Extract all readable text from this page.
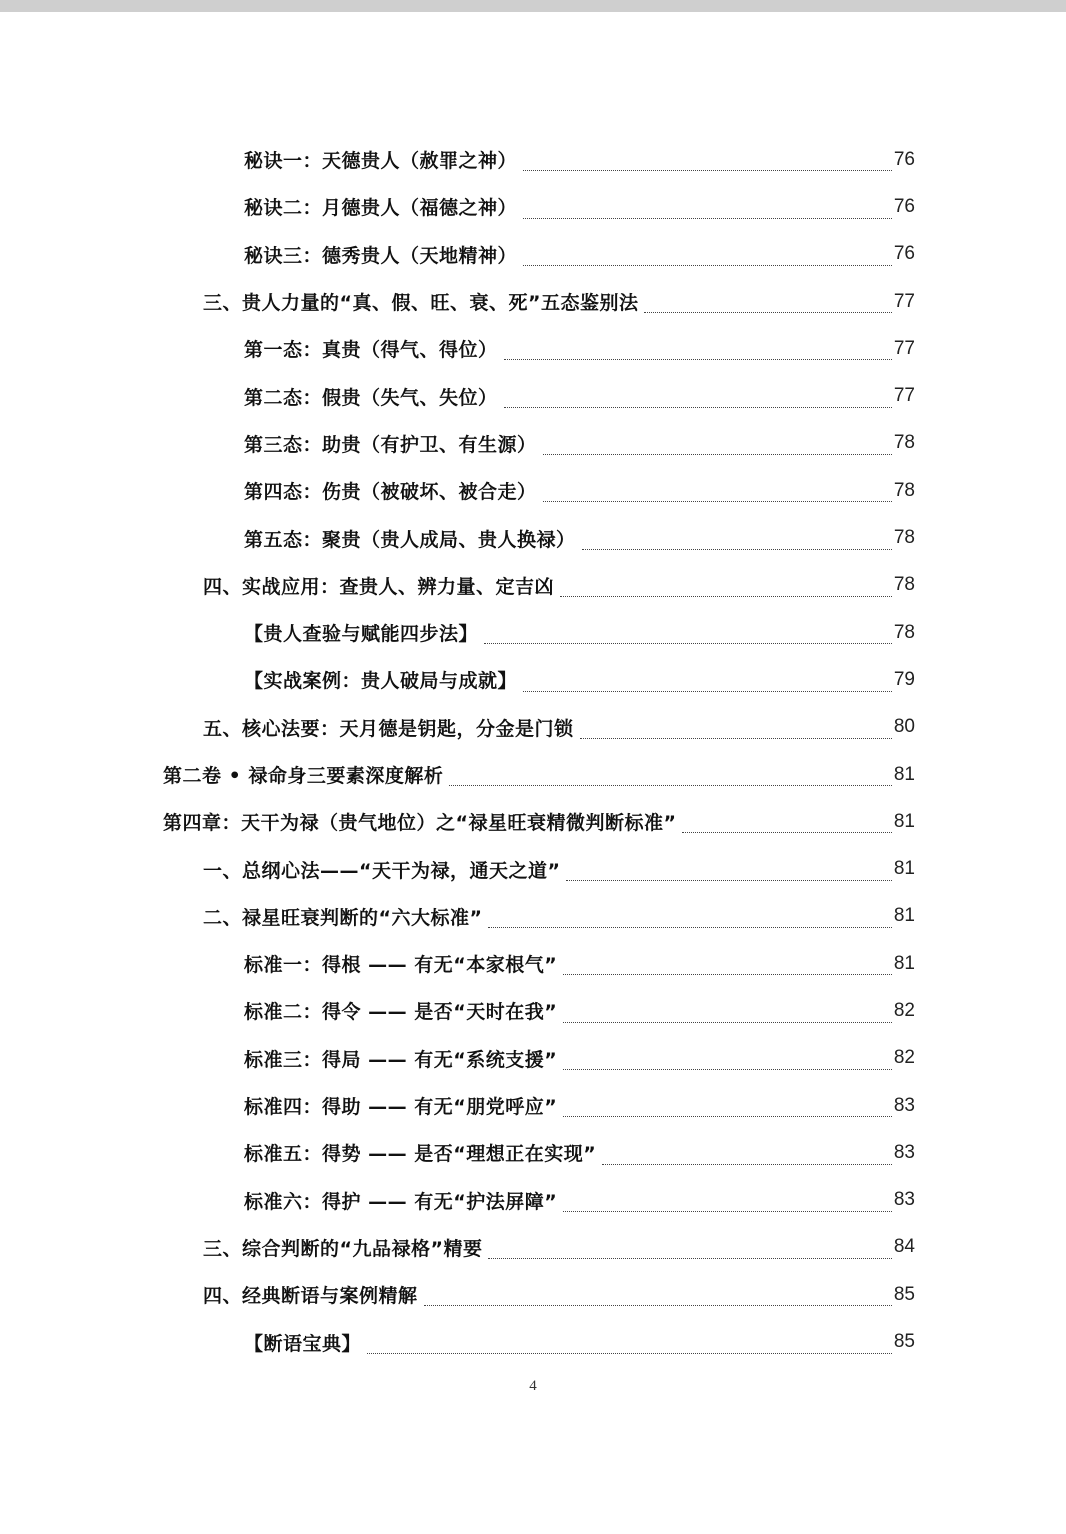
秘诀一：天德贵人（赦罪之神）	76
秘诀二：月德贵人（福德之神）	76
秘诀三：德秀贵人（天地精神）	76
三、贵人力量的“真、假、旺、衰、死”五态鉴别法	77
第一态：真贵（得气、得位）	77
第二态：假贵（失气、失位）	77
第三态：助贵（有护卫、有生源）	78
第四态：伤贵（被破坏、被合走）	78
第五态：聚贵（贵人成局、贵人换禄）	78
四、实战应用：查贵人、辨力量、定吉凶	78
【贵人查验与赋能四步法】	78
【实战案例：贵人破局与成就】	79
五、核心法要：天月德是钥匙，分金是门锁	80
第二卷 • 禄命身三要素深度解析	81
第四章：天干为禄（贵气地位）之“禄星旺衰精微判断标准”	81
一、总纲心法——“天干为禄，通天之道”	81
二、禄星旺衰判断的“六大标准”	81
标准一：得根 —— 有无“本家根气”	81
标准二：得令 —— 是否“天时在我”	82
标准三：得局 —— 有无“系统支援”	82
标准四：得助 —— 有无“朋党呼应”	83
标准五：得势 —— 是否“理想正在实现”	83
标准六：得护 —— 有无“护法屏障”	83
三、综合判断的“九品禄格”精要	84
四、经典断语与案例精解	85
【断语宝典】	85
4
